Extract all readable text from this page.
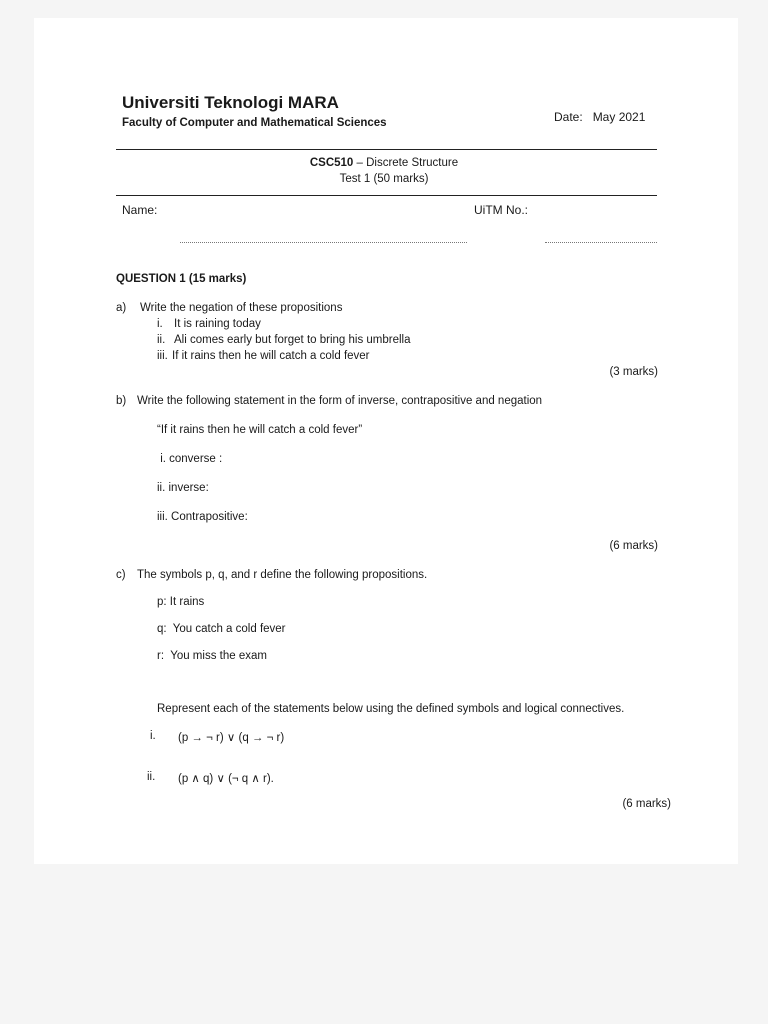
Universiti Teknologi MARA
Faculty of Computer and Mathematical Sciences	Date: May 2021
CSC510 – Discrete Structure
Test 1 (50 marks)
Name:	UiTM No.:
QUESTION 1 (15 marks)
a) Write the negation of these propositions
i. It is raining today
ii. Ali comes early but forget to bring his umbrella
iii. If it rains then he will catch a cold fever
(3 marks)
b) Write the following statement in the form of inverse, contrapositive and negation
“If it rains then he will catch a cold fever”
i. converse :
ii. inverse:
iii. Contrapositive:
(6 marks)
c) The symbols p, q, and r define the following propositions.
p: It rains
q:  You catch a cold fever
r:  You miss the exam
Represent each of the statements below using the defined symbols and logical connectives.
i. (p → ¬ r) ∨ (q → ¬ r)
ii. (p ∧ q) ∨ (¬ q ∧ r).
(6 marks)
